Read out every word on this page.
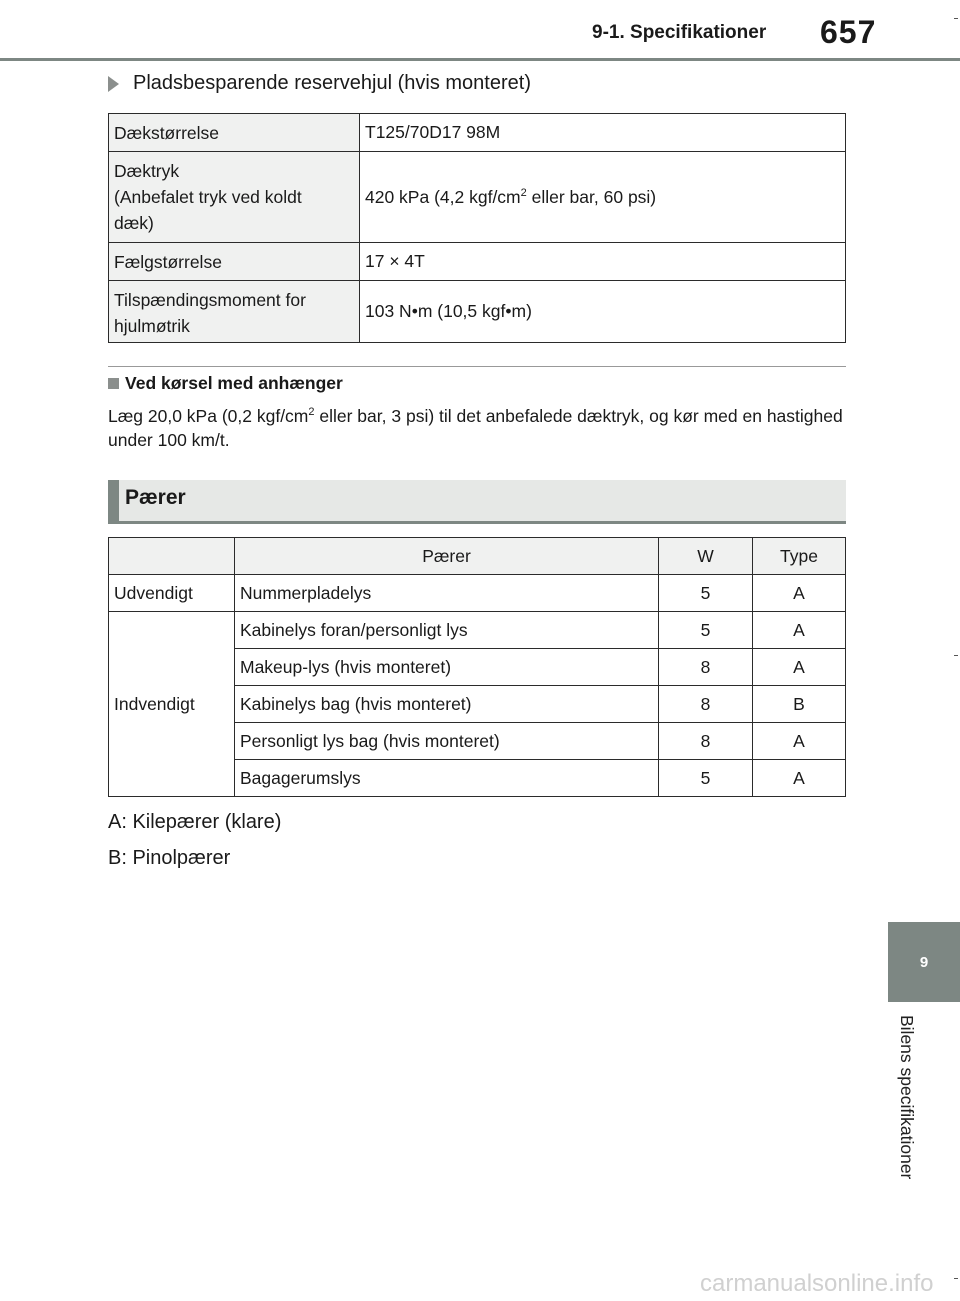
9-1. Specifikationer 657
Pladsbesparende reservehjul (hvis monteret)
Dækstørrelse	T125/70D17 98M
Dæktryk
(Anbefalet tryk ved koldt
dæk)	420 kPa (4,2 kgf/$cm^2$ eller bar, 60 psi)
Fælgstørrelse	17 × 4T
Tilspændingsmoment for
hjulmøtrik	103 N•m (10,5 kgf•m)
Ved kørsel med anhænger
Læg 20,0 kPa (0,2 kgf/$cm^2$ eller bar, 3 psi) til det anbefalede dæktryk, og kør med en hastighed under 100 km/t.
Pærer
	Pærer	W	Type
Udvendigt	Nummerpladelys	5	A
Indvendigt	Kabinelys foran/personligt lys	5	A
	Makeup-lys (hvis monteret)	8	A
	Kabinelys bag (hvis monteret)	8	B
	Personligt lys bag (hvis monteret)	8	A
	Bagagerumslys	5	A
A: Kilepærer (klare)
B: Pinolpærer
9
Bilens specifikationer
carmanualsonline.info
